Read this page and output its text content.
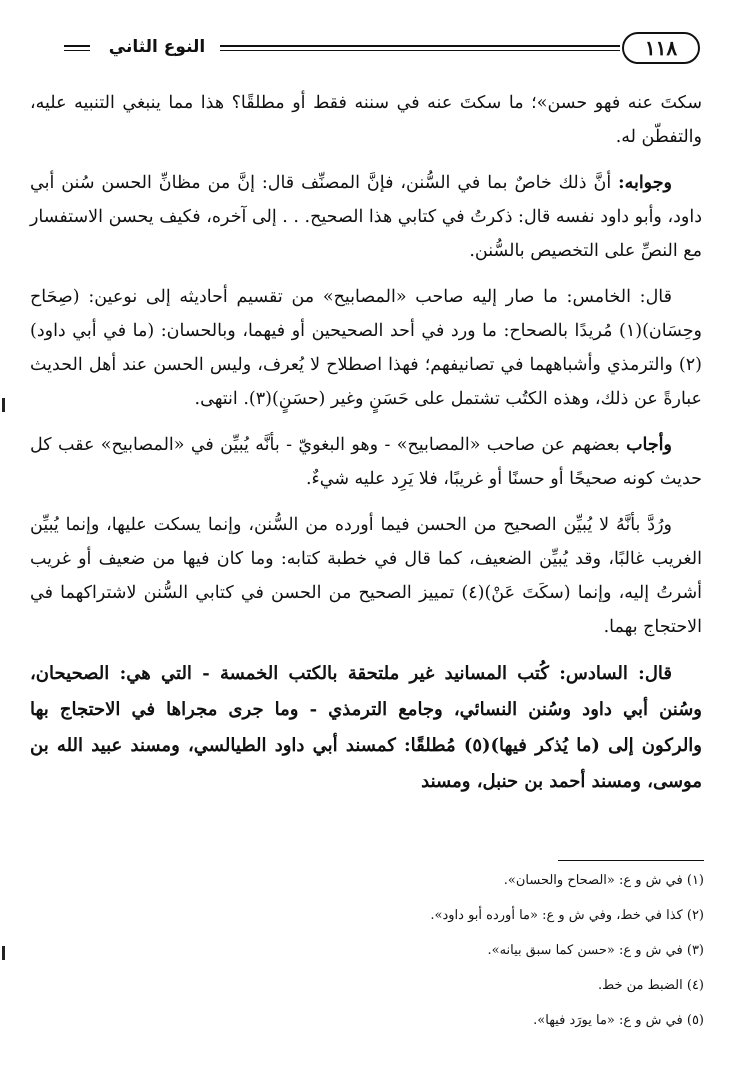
النوع الثاني	١١٨

سكتَ عنه فهو حسن»؛ ما سكتَ عنه في سننه فقط أو مطلقًا؟ هذا مما ينبغي التنبيه عليه، والتفطّن له.

وجوابه: أنَّ ذلك خاصٌ بما في السُّنن، فإنَّ المصنِّف قال: إنَّ من مظانِّ الحسن سُنن أبي داود، وأبو داود نفسه قال: ذكرتُ في كتابي هذا الصحيح. . . إلى آخره، فكيف يحسن الاستفسار مع النصِّ على التخصيص بالسُّنن.

قال: الخامس: ما صار إليه صاحب «المصابيح» من تقسيم أحاديثه إلى نوعين: (صِحَاح وحِسَان)(١) مُريدًا بالصحاح: ما ورد في أحد الصحيحين أو فيهما، وبالحسان: (ما في أبي داود)(٢) والترمذي وأشباههما في تصانيفهم؛ فهذا اصطلاح لا يُعرف، وليس الحسن عند أهل الحديث عبارةً عن ذلك، وهذه الكتُب تشتمل على حَسَنٍ وغير (حسَنٍ)(٣). انتهى.

وأجاب بعضهم عن صاحب «المصابيح» - وهو البغويّ - بأنَّه يُبيِّن في «المصابيح» عقب كل حديث كونه صحيحًا أو حسنًا أو غريبًا، فلا يَرِد عليه شيءٌ.

ورُدَّ بأنَّهُ لا يُبيِّن الصحيح من الحسن فيما أورده من السُّنن، وإنما يسكت عليها، وإنما يُبيِّن الغريب غالبًا، وقد يُبيِّن الضعيف، كما قال في خطبة كتابه: وما كان فيها من ضعيف أو غريب أشرتُ إليه، وإنما (سكَتَ عَنْ)(٤) تمييز الصحيح من الحسن في كتابي السُّنن لاشتراكهما في الاحتجاج بهما.

قال: السادس: كُتب المسانيد غير ملتحقة بالكتب الخمسة - التي هي: الصحيحان، وسُنن أبي داود وسُنن النسائي، وجامع الترمذي - وما جرى مجراها في الاحتجاج بها والركون إلى (ما يُذكر فيها)(٥) مُطلقًا: كمسند أبي داود الطيالسي، ومسند عبيد الله بن موسى، ومسند أحمد بن حنبل، ومسند

(١) في ش و ع: «الصحاح والحسان».
(٢) كذا في خط، وفي ش و ع: «ما أورده أبو داود».
(٣) في ش و ع: «حسن كما سبق بيانه».
(٤) الضبط من خط.
(٥) في ش و ع: «ما يورَد فيها».
